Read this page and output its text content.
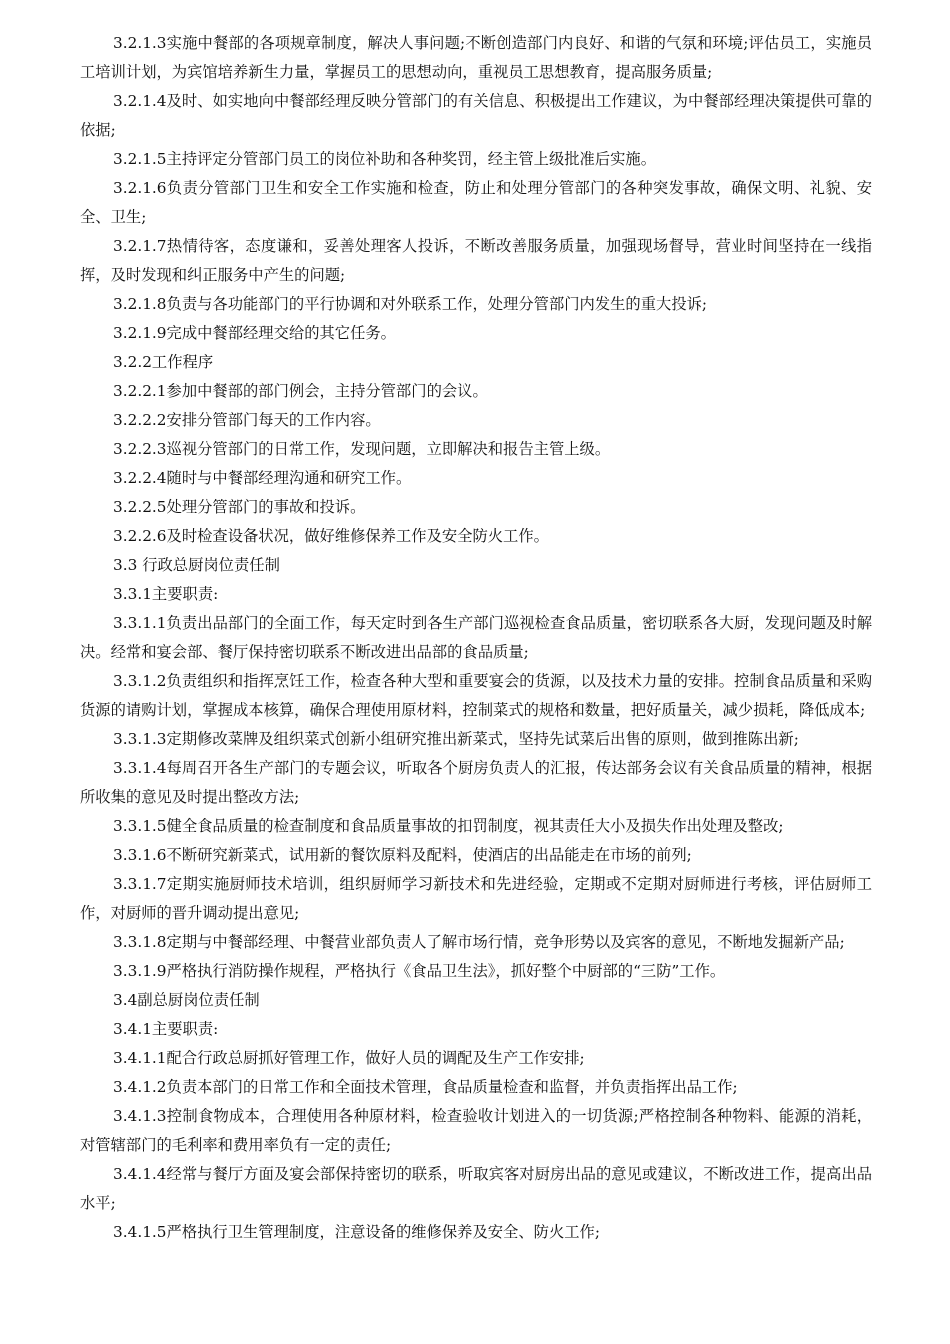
3.2.1.3实施中餐部的各项规章制度，解决人事问题;不断创造部门内良好、和谐的气氛和环境;评估员工，实施员工培训计划，为宾馆培养新生力量，掌握员工的思想动向，重视员工思想教育，提高服务质量;

3.2.1.4及时、如实地向中餐部经理反映分管部门的有关信息、积极提出工作建议，为中餐部经理决策提供可靠的依据;

3.2.1.5主持评定分管部门员工的岗位补助和各种奖罚，经主管上级批准后实施。

3.2.1.6负责分管部门卫生和安全工作实施和检查，防止和处理分管部门的各种突发事故，确保文明、礼貌、安全、卫生;

3.2.1.7热情待客，态度谦和，妥善处理客人投诉，不断改善服务质量，加强现场督导，营业时间坚持在一线指挥，及时发现和纠正服务中产生的问题;

3.2.1.8负责与各功能部门的平行协调和对外联系工作，处理分管部门内发生的重大投诉;

3.2.1.9完成中餐部经理交给的其它任务。

3.2.2工作程序

3.2.2.1参加中餐部的部门例会，主持分管部门的会议。

3.2.2.2安排分管部门每天的工作内容。

3.2.2.3巡视分管部门的日常工作，发现问题，立即解决和报告主管上级。

3.2.2.4随时与中餐部经理沟通和研究工作。

3.2.2.5处理分管部门的事故和投诉。

3.2.2.6及时检查设备状况，做好维修保养工作及安全防火工作。

3.3 行政总厨岗位责任制

3.3.1主要职责:

3.3.1.1负责出品部门的全面工作，每天定时到各生产部门巡视检查食品质量，密切联系各大厨，发现问题及时解决。经常和宴会部、餐厅保持密切联系不断改进出品部的食品质量;

3.3.1.2负责组织和指挥烹饪工作，检查各种大型和重要宴会的货源，以及技术力量的安排。控制食品质量和采购货源的请购计划，掌握成本核算，确保合理使用原材料，控制菜式的规格和数量，把好质量关，减少损耗，降低成本;

3.3.1.3定期修改菜牌及组织菜式创新小组研究推出新菜式，坚持先试菜后出售的原则，做到推陈出新;

3.3.1.4每周召开各生产部门的专题会议，听取各个厨房负责人的汇报，传达部务会议有关食品质量的精神，根据所收集的意见及时提出整改方法;

3.3.1.5健全食品质量的检查制度和食品质量事故的扣罚制度，视其责任大小及损失作出处理及整改;

3.3.1.6不断研究新菜式，试用新的餐饮原料及配料，使酒店的出品能走在市场的前列;

3.3.1.7定期实施厨师技术培训，组织厨师学习新技术和先进经验，定期或不定期对厨师进行考核，评估厨师工作，对厨师的晋升调动提出意见;

3.3.1.8定期与中餐部经理、中餐营业部负责人了解市场行情，竞争形势以及宾客的意见，不断地发掘新产品;

3.3.1.9严格执行消防操作规程，严格执行《食品卫生法》，抓好整个中厨部的“三防”工作。

3.4副总厨岗位责任制

3.4.1主要职责:

3.4.1.1配合行政总厨抓好管理工作，做好人员的调配及生产工作安排;

3.4.1.2负责本部门的日常工作和全面技术管理，食品质量检查和监督，并负责指挥出品工作;

3.4.1.3控制食物成本，合理使用各种原材料，检查验收计划进入的一切货源;严格控制各种物料、能源的消耗，对管辖部门的毛利率和费用率负有一定的责任;

3.4.1.4经常与餐厅方面及宴会部保持密切的联系，听取宾客对厨房出品的意见或建议，不断改进工作，提高出品水平;

3.4.1.5严格执行卫生管理制度，注意设备的维修保养及安全、防火工作;
